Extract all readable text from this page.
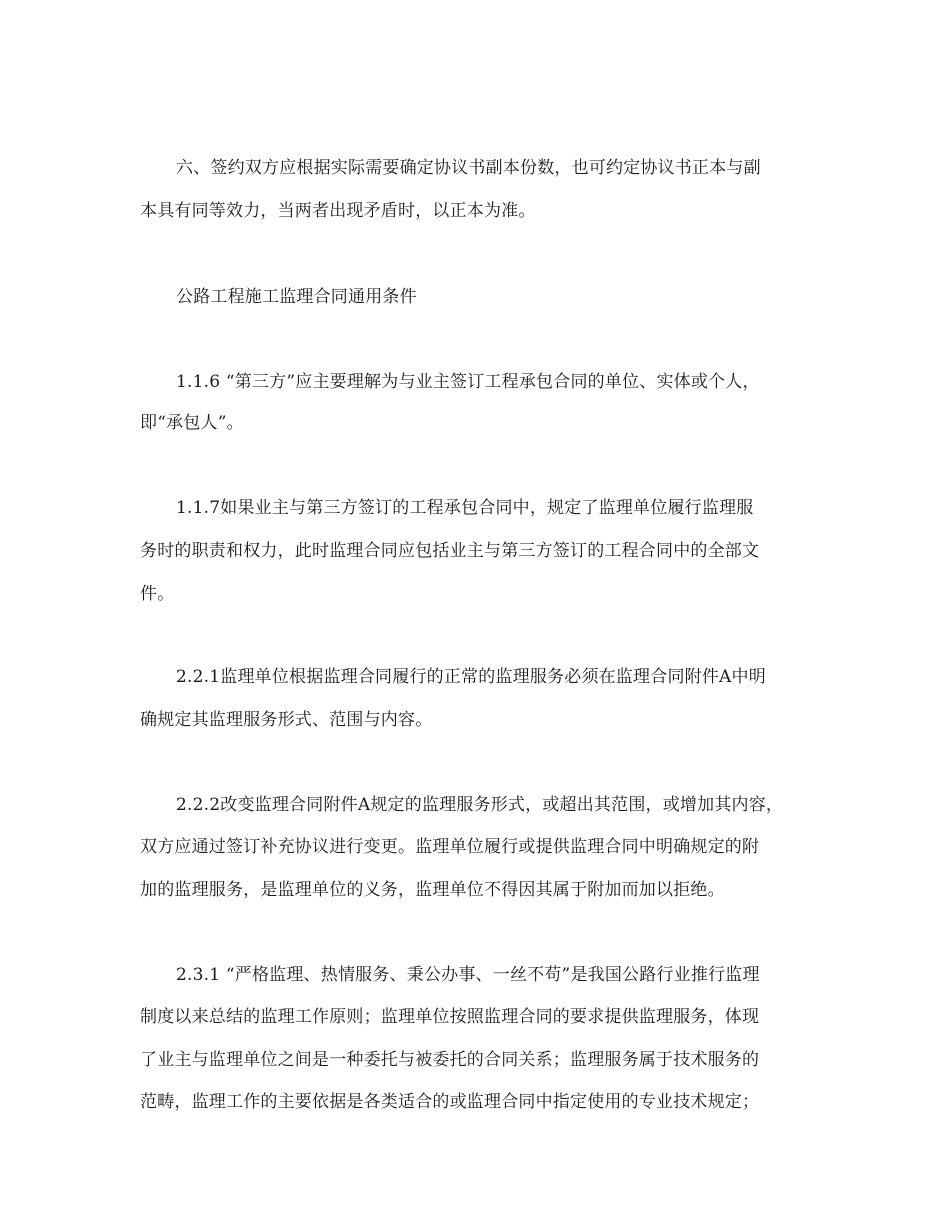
六、签约双方应根据实际需要确定协议书副本份数，也可约定协议书正本与副
本具有同等效力，当两者出现矛盾时，以正本为准。
公路工程施工监理合同通用条件
1.1.6 “第三方”应主要理解为与业主签订工程承包合同的单位、实体或个人，
即“承包人”。
1.1.7如果业主与第三方签订的工程承包合同中，规定了监理单位履行监理服
务时的职责和权力，此时监理合同应包括业主与第三方签订的工程合同中的全部文
件。
2.2.1监理单位根据监理合同履行的正常的监理服务必须在监理合同附件A中明
确规定其监理服务形式、范围与内容。
2.2.2改变监理合同附件A规定的监理服务形式，或超出其范围，或增加其内容，
双方应通过签订补充协议进行变更。监理单位履行或提供监理合同中明确规定的附
加的监理服务，是监理单位的义务，监理单位不得因其属于附加而加以拒绝。
2.3.1 “严格监理、热情服务、秉公办事、一丝不苟”是我国公路行业推行监理
制度以来总结的监理工作原则；监理单位按照监理合同的要求提供监理服务，体现
了业主与监理单位之间是一种委托与被委托的合同关系；监理服务属于技术服务的
范畴，监理工作的主要依据是各类适合的或监理合同中指定使用的专业技术规定；
